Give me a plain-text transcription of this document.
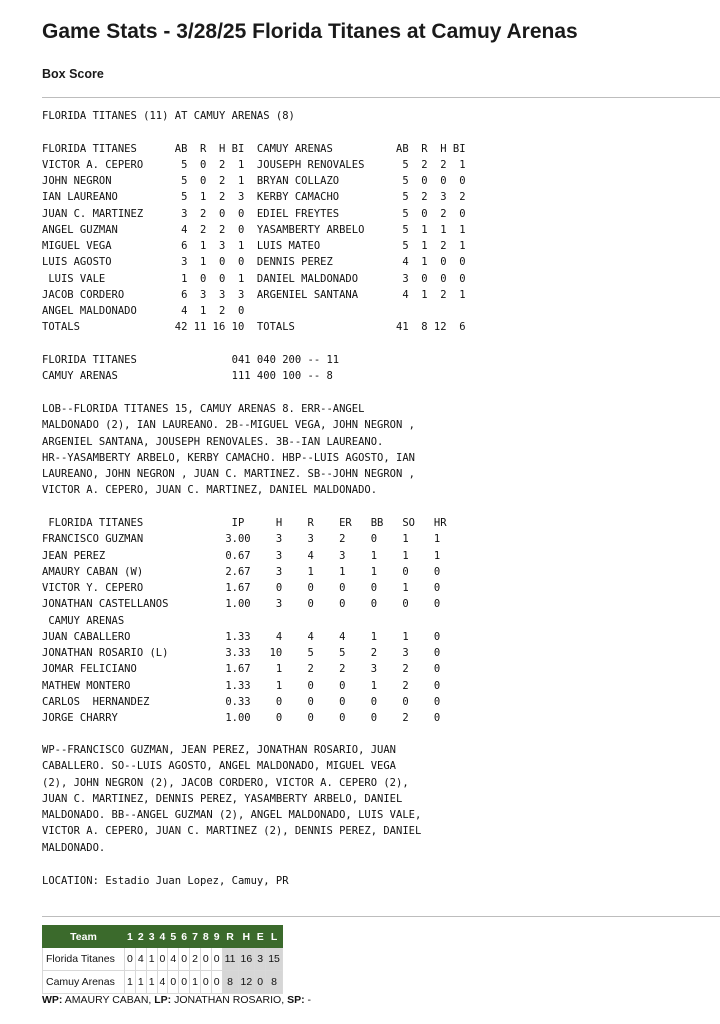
Game Stats - 3/28/25 Florida Titanes at Camuy Arenas
Box Score
FLORIDA TITANES (11) AT CAMUY ARENAS (8)
FLORIDA TITANES      AB  R  H BI  CAMUY ARENAS          AB  R  H BI
VICTOR A. CEPERO      5  0  2  1  JOUSEPH RENOVALES      5  2  2  1
JOHN NEGRON           5  0  2  1  BRYAN COLLAZO          5  0  0  0
IAN LAUREANO          5  1  2  3  KERBY CAMACHO          5  2  3  2
JUAN C. MARTINEZ      3  2  0  0  EDIEL FREYTES          5  0  2  0
ANGEL GUZMAN          4  2  2  0  YASAMBERTY ARBELO      5  1  1  1
MIGUEL VEGA           6  1  3  1  LUIS MATEO             5  1  2  1
LUIS AGOSTO           3  1  0  0  DENNIS PEREZ           4  1  0  0
LUIS VALE            1  0  0  1  DANIEL MALDONADO       3  0  0  0
JACOB CORDERO         6  3  3  3  ARGENIEL SANTANA       4  1  2  1
ANGEL MALDONADO       4  1  2  0
TOTALS               42 11 16 10  TOTALS                41  8 12  6
FLORIDA TITANES               041 040 200 -- 11
CAMUY ARENAS                  111 400 100 -- 8
LOB--FLORIDA TITANES 15, CAMUY ARENAS 8. ERR--ANGEL
MALDONADO (2), IAN LAUREANO. 2B--MIGUEL VEGA, JOHN NEGRON ,
ARGENIEL SANTANA, JOUSEPH RENOVALES. 3B--IAN LAUREANO.
HR--YASAMBERTY ARBELO, KERBY CAMACHO. HBP--LUIS AGOSTO, IAN
LAUREANO, JOHN NEGRON , JUAN C. MARTINEZ. SB--JOHN NEGRON ,
VICTOR A. CEPERO, JUAN C. MARTINEZ, DANIEL MALDONADO.
FLORIDA TITANES              IP     H    R    ER   BB   SO   HR
FRANCISCO GUZMAN             3.00    3    3    2    0    1    1
JEAN PEREZ                   0.67    3    4    3    1    1    1
AMAURY CABAN (W)             2.67    3    1    1    1    0    0
VICTOR Y. CEPERO             1.67    0    0    0    0    1    0
JONATHAN CASTELLANOS         1.00    3    0    0    0    0    0
CAMUY ARENAS
JUAN CABALLERO               1.33    4    4    4    1    1    0
JONATHAN ROSARIO (L)         3.33   10    5    5    2    3    0
JOMAR FELICIANO              1.67    1    2    2    3    2    0
MATHEW MONTERO               1.33    1    0    0    1    2    0
CARLOS  HERNANDEZ            0.33    0    0    0    0    0    0
JORGE CHARRY                 1.00    0    0    0    0    2    0
WP--FRANCISCO GUZMAN, JEAN PEREZ, JONATHAN ROSARIO, JUAN
CABALLERO. SO--LUIS AGOSTO, ANGEL MALDONADO, MIGUEL VEGA
(2), JOHN NEGRON (2), JACOB CORDERO, VICTOR A. CEPERO (2),
JUAN C. MARTINEZ, DENNIS PEREZ, YASAMBERTY ARBELO, DANIEL
MALDONADO. BB--ANGEL GUZMAN (2), ANGEL MALDONADO, LUIS VALE,
VICTOR A. CEPERO, JUAN C. MARTINEZ (2), DENNIS PEREZ, DANIEL
MALDONADO.
LOCATION: Estadio Juan Lopez, Camuy, PR
Team	1	2	3	4	5	6	7	8	9	R	H	E	L
Florida Titanes	0	4	1	0	4	0	2	0	0	11	16	3	15
Camuy Arenas	1	1	1	4	0	0	1	0	0	8	12	0	8
WP: AMAURY CABAN, LP: JONATHAN ROSARIO, SP: -
